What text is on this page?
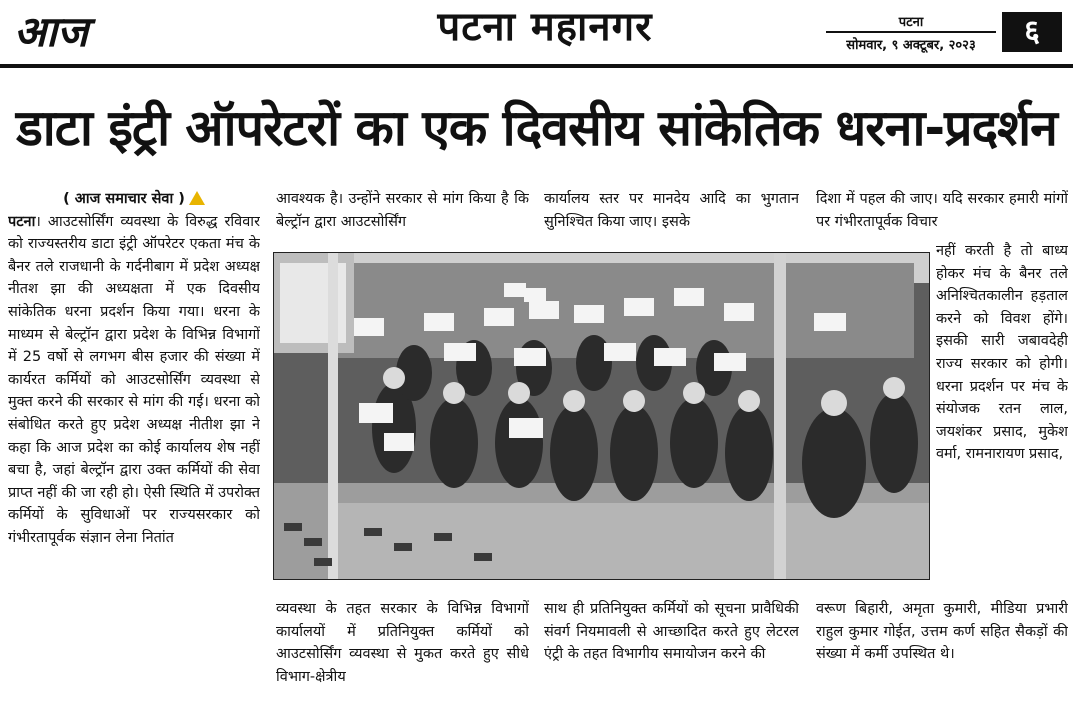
आज	पटना महानगर	पटना
सोमवार, ९ अक्टूबर, २०२३	६
डाटा इंट्री ऑपरेटरों का एक दिवसीय सांकेतिक धरना-प्रदर्शन
( आज समाचार सेवा )
पटना। आउटसोर्सिंग व्यवस्था के विरुद्ध रविवार को राज्यस्तरीय डाटा इंट्री ऑपरेटर एकता मंच के बैनर तले राजधानी के गर्दनीबाग में प्रदेश अध्यक्ष नीतश झा की अध्यक्षता में एक दिवसीय सांकेतिक धरना प्रदर्शन किया गया। धरना के माध्यम से बेल्ट्रॉन द्वारा प्रदेश के विभिन्न विभागों में 25 वर्षो से लगभग बीस हजार की संख्या में कार्यरत कर्मियों को आउटसोर्सिंग व्यवस्था से मुक्त करने की सरकार से मांग की गई। धरना को संबोधित करते हुए प्रदेश अध्यक्ष नीतीश झा ने कहा कि आज प्रदेश का कोई कार्यालय शेष नहीं बचा है, जहां बेल्ट्रॉन द्वारा उक्त कर्मियों की सेवा प्राप्त नहीं की जा रही हो। ऐसी स्थिति में उपरोक्त कर्मियों के सुविधाओं पर राज्यसरकार को गंभीरतापूर्वक संज्ञान लेना नितांत
आवश्यक है। उन्होंने सरकार से मांग किया है कि बेल्ट्रॉन द्वारा आउटसोर्सिंग
कार्यालय स्तर पर मानदेय आदि का भुगतान सुनिश्चित किया जाए। इसके
दिशा में पहल की जाए। यदि सरकार हमारी मांगों पर गंभीरतापूर्वक विचार
नहीं करती है तो बाध्य होकर मंच के बैनर तले अनिश्चितकालीन हड़ताल करने को विवश होंगे। इसकी सारी जबावदेही राज्य सरकार को होगी। धरना प्रदर्शन पर मंच के संयोजक रतन लाल, जयशंकर प्रसाद, मुकेश वर्मा, रामनारायण प्रसाद,
व्यवस्था के तहत सरकार के विभिन्न विभागों कार्यालयों में प्रतिनियुक्त कर्मियों को आउटसोर्सिंग व्यवस्था से मुकत करते हुए सीधे विभाग-क्षेत्रीय
साथ ही प्रतिनियुक्त कर्मियों को सूचना प्रावैधिकी संवर्ग नियमावली से आच्छादित करते हुए लेटरल एंट्री के तहत विभागीय समायोजन करने की
वरूण बिहारी, अमृता कुमारी, मीडिया प्रभारी राहुल कुमार गोईत, उत्तम कर्ण सहित सैकड़ों की संख्या में कर्मी उपस्थित थे।
